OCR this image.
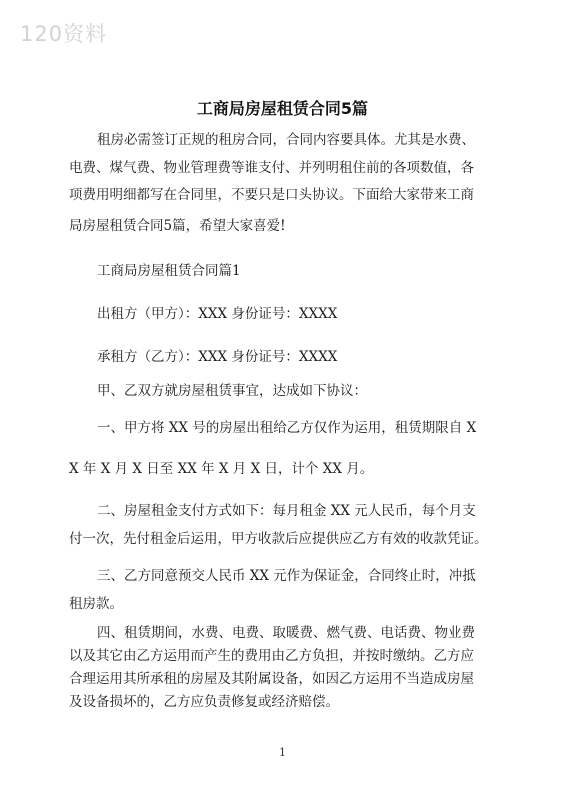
120资料
工商局房屋租赁合同5篇
租房必需签订正规的租房合同，合同内容要具体。尤其是水费、
电费、煤气费、物业管理费等谁支付、并列明租住前的各项数值，各
项费用明细都写在合同里，不要只是口头协议。下面给大家带来工商
局房屋租赁合同5篇，希望大家喜爱!
工商局房屋租赁合同篇1
出租方（甲方）：XXX 身份证号：XXXX
承租方（乙方）：XXX 身份证号：XXXX
甲、乙双方就房屋租赁事宜，达成如下协议：
一、甲方将 XX 号的房屋出租给乙方仅作为运用，租赁期限自 X
X 年 X 月 X 日至 XX 年 X 月 X 日，计个 XX 月。
二、房屋租金支付方式如下：每月租金 XX 元人民币，每个月支
付一次，先付租金后运用，甲方收款后应提供应乙方有效的收款凭证。
三、乙方同意预交人民币 XX 元作为保证金，合同终止时，冲抵
租房款。
四、租赁期间，水费、电费、取暖费、燃气费、电话费、物业费
以及其它由乙方运用而产生的费用由乙方负担，并按时缴纳。乙方应
合理运用其所承租的房屋及其附属设备，如因乙方运用不当造成房屋
及设备损坏的，乙方应负责修复或经济赔偿。
1
